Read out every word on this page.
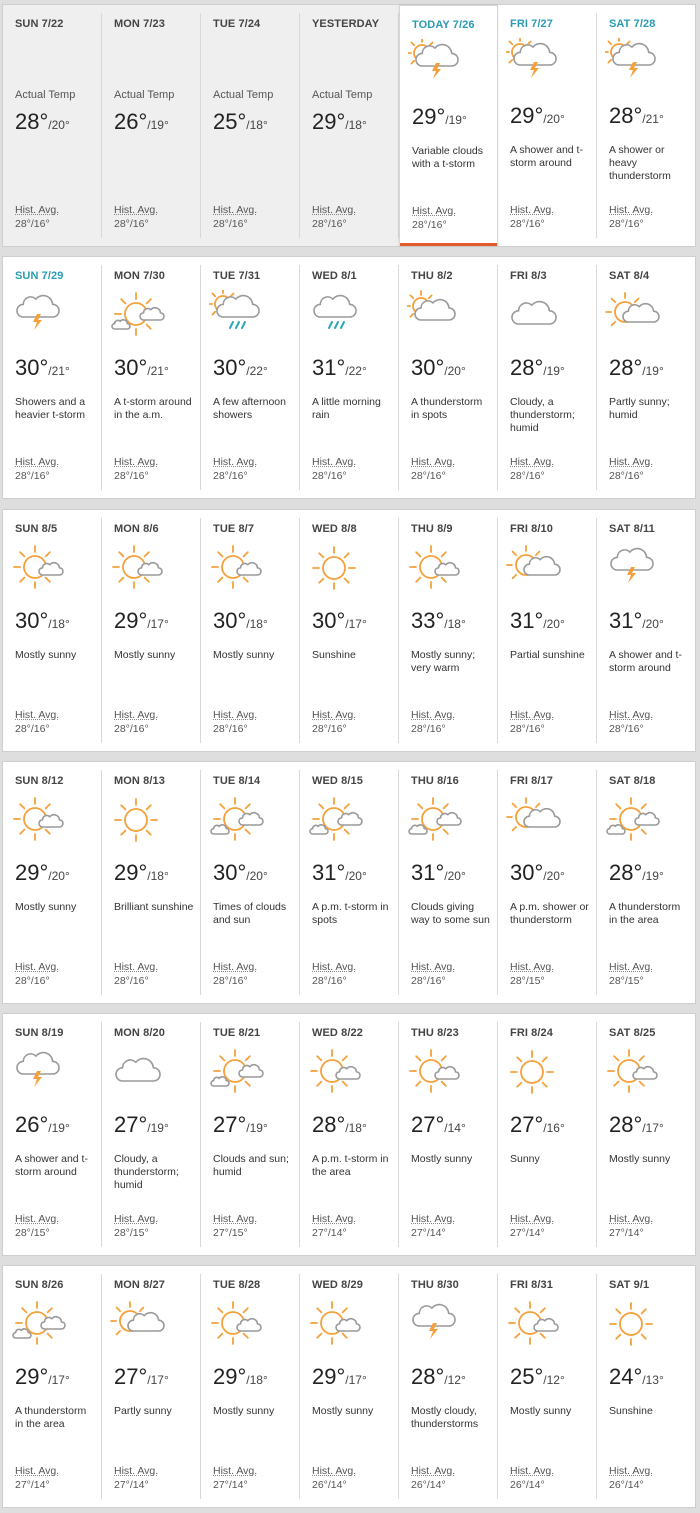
SUN 7/22
Actual Temp
28°/20°
Hist. Avg.
28°/16°
MON 7/23
Actual Temp
26°/19°
Hist. Avg.
28°/16°
TUE 7/24
Actual Temp
25°/18°
Hist. Avg.
28°/16°
YESTERDAY
Actual Temp
29°/18°
Hist. Avg.
28°/16°
TODAY 7/26
29°/19°
Variable clouds with a t-storm
Hist. Avg.
28°/16°
FRI 7/27
29°/20°
A shower and t-storm around
Hist. Avg.
28°/16°
SAT 7/28
28°/21°
A shower or heavy thunderstorm
Hist. Avg.
28°/16°
SUN 7/29
30°/21°
Showers and a heavier t-storm
Hist. Avg.
28°/16°
MON 7/30
30°/21°
A t-storm around in the a.m.
Hist. Avg.
28°/16°
TUE 7/31
30°/22°
A few afternoon showers
Hist. Avg.
28°/16°
WED 8/1
31°/22°
A little morning rain
Hist. Avg.
28°/16°
THU 8/2
30°/20°
A thunderstorm in spots
Hist. Avg.
28°/16°
FRI 8/3
28°/19°
Cloudy, a thunderstorm; humid
Hist. Avg.
28°/16°
SAT 8/4
28°/19°
Partly sunny; humid
Hist. Avg.
28°/16°
SUN 8/5
30°/18°
Mostly sunny
Hist. Avg.
28°/16°
MON 8/6
29°/17°
Mostly sunny
Hist. Avg.
28°/16°
TUE 8/7
30°/18°
Mostly sunny
Hist. Avg.
28°/16°
WED 8/8
30°/17°
Sunshine
Hist. Avg.
28°/16°
THU 8/9
33°/18°
Mostly sunny; very warm
Hist. Avg.
28°/16°
FRI 8/10
31°/20°
Partial sunshine
Hist. Avg.
28°/16°
SAT 8/11
31°/20°
A shower and t-storm around
Hist. Avg.
28°/16°
SUN 8/12
29°/20°
Mostly sunny
Hist. Avg.
28°/16°
MON 8/13
29°/18°
Brilliant sunshine
Hist. Avg.
28°/16°
TUE 8/14
30°/20°
Times of clouds and sun
Hist. Avg.
28°/16°
WED 8/15
31°/20°
A p.m. t-storm in spots
Hist. Avg.
28°/16°
THU 8/16
31°/20°
Clouds giving way to some sun
Hist. Avg.
28°/16°
FRI 8/17
30°/20°
A p.m. shower or thunderstorm
Hist. Avg.
28°/15°
SAT 8/18
28°/19°
A thunderstorm in the area
Hist. Avg.
28°/15°
SUN 8/19
26°/19°
A shower and t-storm around
Hist. Avg.
28°/15°
MON 8/20
27°/19°
Cloudy, a thunderstorm; humid
Hist. Avg.
28°/15°
TUE 8/21
27°/19°
Clouds and sun; humid
Hist. Avg.
27°/15°
WED 8/22
28°/18°
A p.m. t-storm in the area
Hist. Avg.
27°/14°
THU 8/23
27°/14°
Mostly sunny
Hist. Avg.
27°/14°
FRI 8/24
27°/16°
Sunny
Hist. Avg.
27°/14°
SAT 8/25
28°/17°
Mostly sunny
Hist. Avg.
27°/14°
SUN 8/26
29°/17°
A thunderstorm in the area
Hist. Avg.
27°/14°
MON 8/27
27°/17°
Partly sunny
Hist. Avg.
27°/14°
TUE 8/28
29°/18°
Mostly sunny
Hist. Avg.
27°/14°
WED 8/29
29°/17°
Mostly sunny
Hist. Avg.
26°/14°
THU 8/30
28°/12°
Mostly cloudy, thunderstorms
Hist. Avg.
26°/14°
FRI 8/31
25°/12°
Mostly sunny
Hist. Avg.
26°/14°
SAT 9/1
24°/13°
Sunshine
Hist. Avg.
26°/14°
